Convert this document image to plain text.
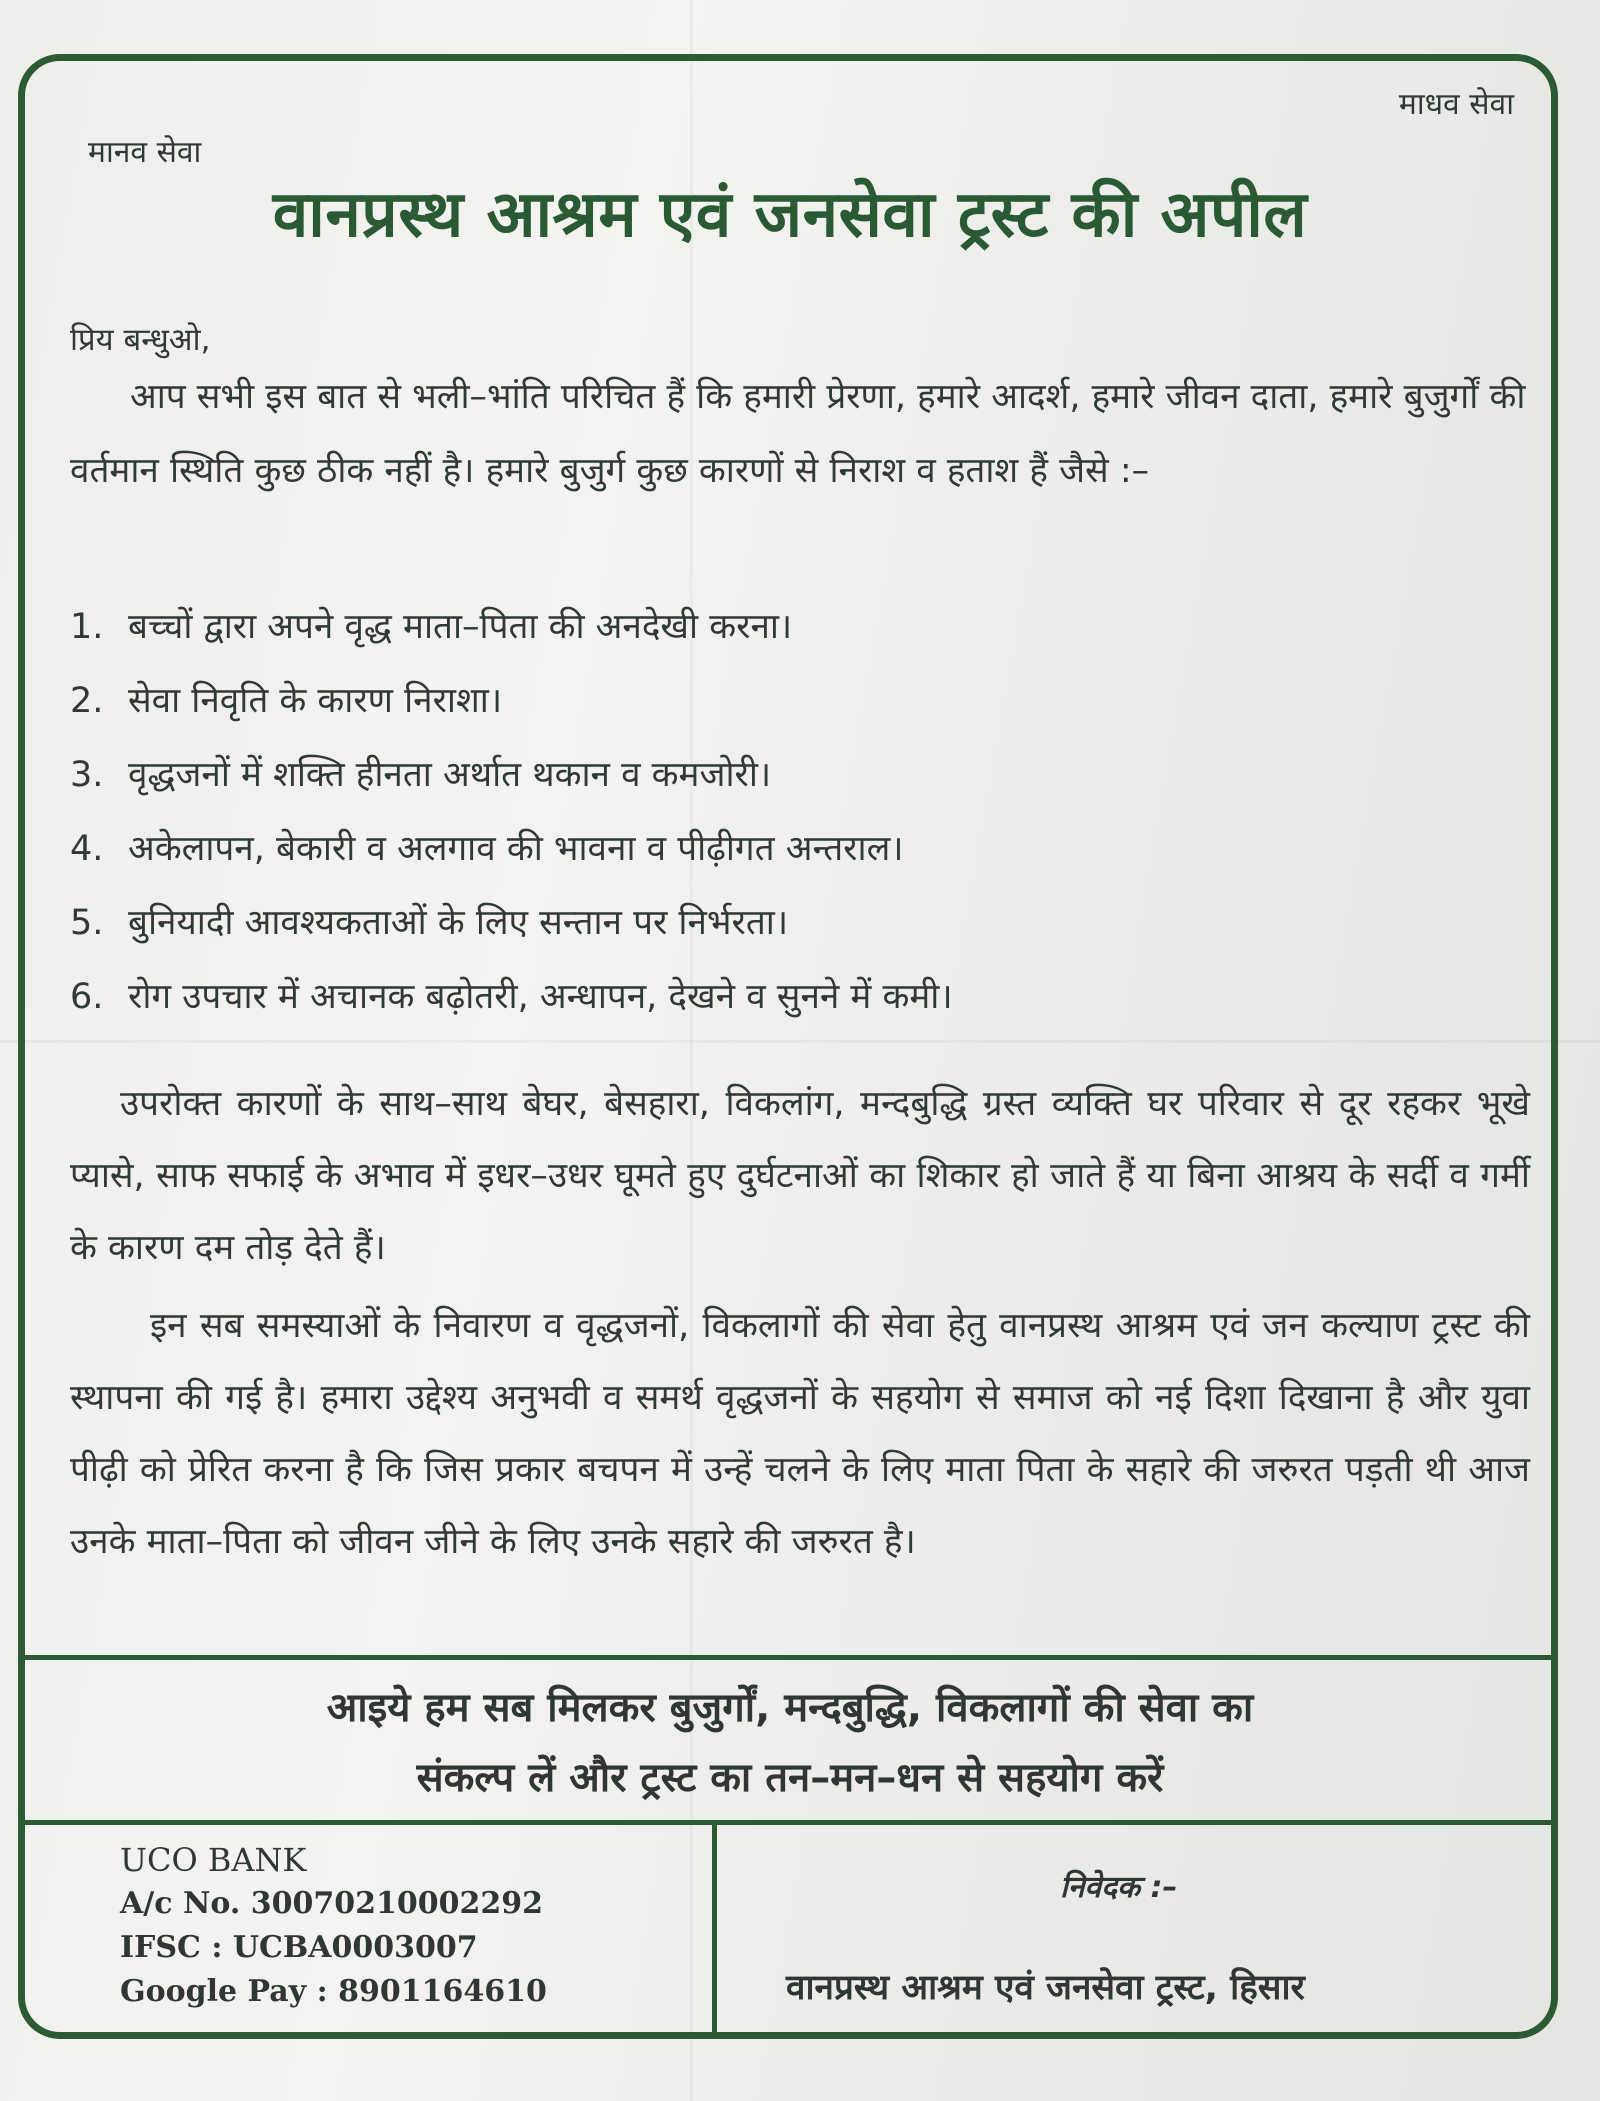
मानव सेवा
माधव सेवा
वानप्रस्थ आश्रम एवं जनसेवा ट्रस्ट की अपील
प्रिय बन्धुओ,

आप सभी इस बात से भली–भांति परिचित हैं कि हमारी प्रेरणा, हमारे आदर्श, हमारे जीवन दाता, हमारे बुजुर्गों की वर्तमान स्थिति कुछ ठीक नहीं है। हमारे बुजुर्ग कुछ कारणों से निराश व हताश हैं जैसे :–

1. बच्चों द्वारा अपने वृद्ध माता–पिता की अनदेखी करना।
2. सेवा निवृति के कारण निराशा।
3. वृद्धजनों में शक्ति हीनता अर्थात थकान व कमजोरी।
4. अकेलापन, बेकारी व अलगाव की भावना व पीढ़ीगत अन्तराल।
5. बुनियादी आवश्यकताओं के लिए सन्तान पर निर्भरता।
6. रोग उपचार में अचानक बढ़ोतरी, अन्धापन, देखने व सुनने में कमी।

उपरोक्त कारणों के साथ–साथ बेघर, बेसहारा, विकलांग, मन्दबुद्धि ग्रस्त व्यक्ति घर परिवार से दूर रहकर भूखे प्यासे, साफ सफाई के अभाव में इधर–उधर घूमते हुए दुर्घटनाओं का शिकार हो जाते हैं या बिना आश्रय के सर्दी व गर्मी के कारण दम तोड़ देते हैं।

इन सब समस्याओं के निवारण व वृद्धजनों, विकलागों की सेवा हेतु वानप्रस्थ आश्रम एवं जन कल्याण ट्रस्ट की स्थापना की गई है। हमारा उद्देश्य अनुभवी व समर्थ वृद्धजनों के सहयोग से समाज को नई दिशा दिखाना है और युवा पीढ़ी को प्रेरित करना है कि जिस प्रकार बचपन में उन्हें चलने के लिए माता पिता के सहारे की जरुरत पड़ती थी आज उनके माता–पिता को जीवन जीने के लिए उनके सहारे की जरुरत है।

आइये हम सब मिलकर बुजुर्गों, मन्दबुद्धि, विकलागों की सेवा का
संकल्प लें और ट्रस्ट का तन–मन–धन से सहयोग करें
UCO BANK
A/c No. 30070210002292
IFSC : UCBA0003007
Google Pay : 8901164610
निवेदक :–
वानप्रस्थ आश्रम एवं जनसेवा ट्रस्ट, हिसार
